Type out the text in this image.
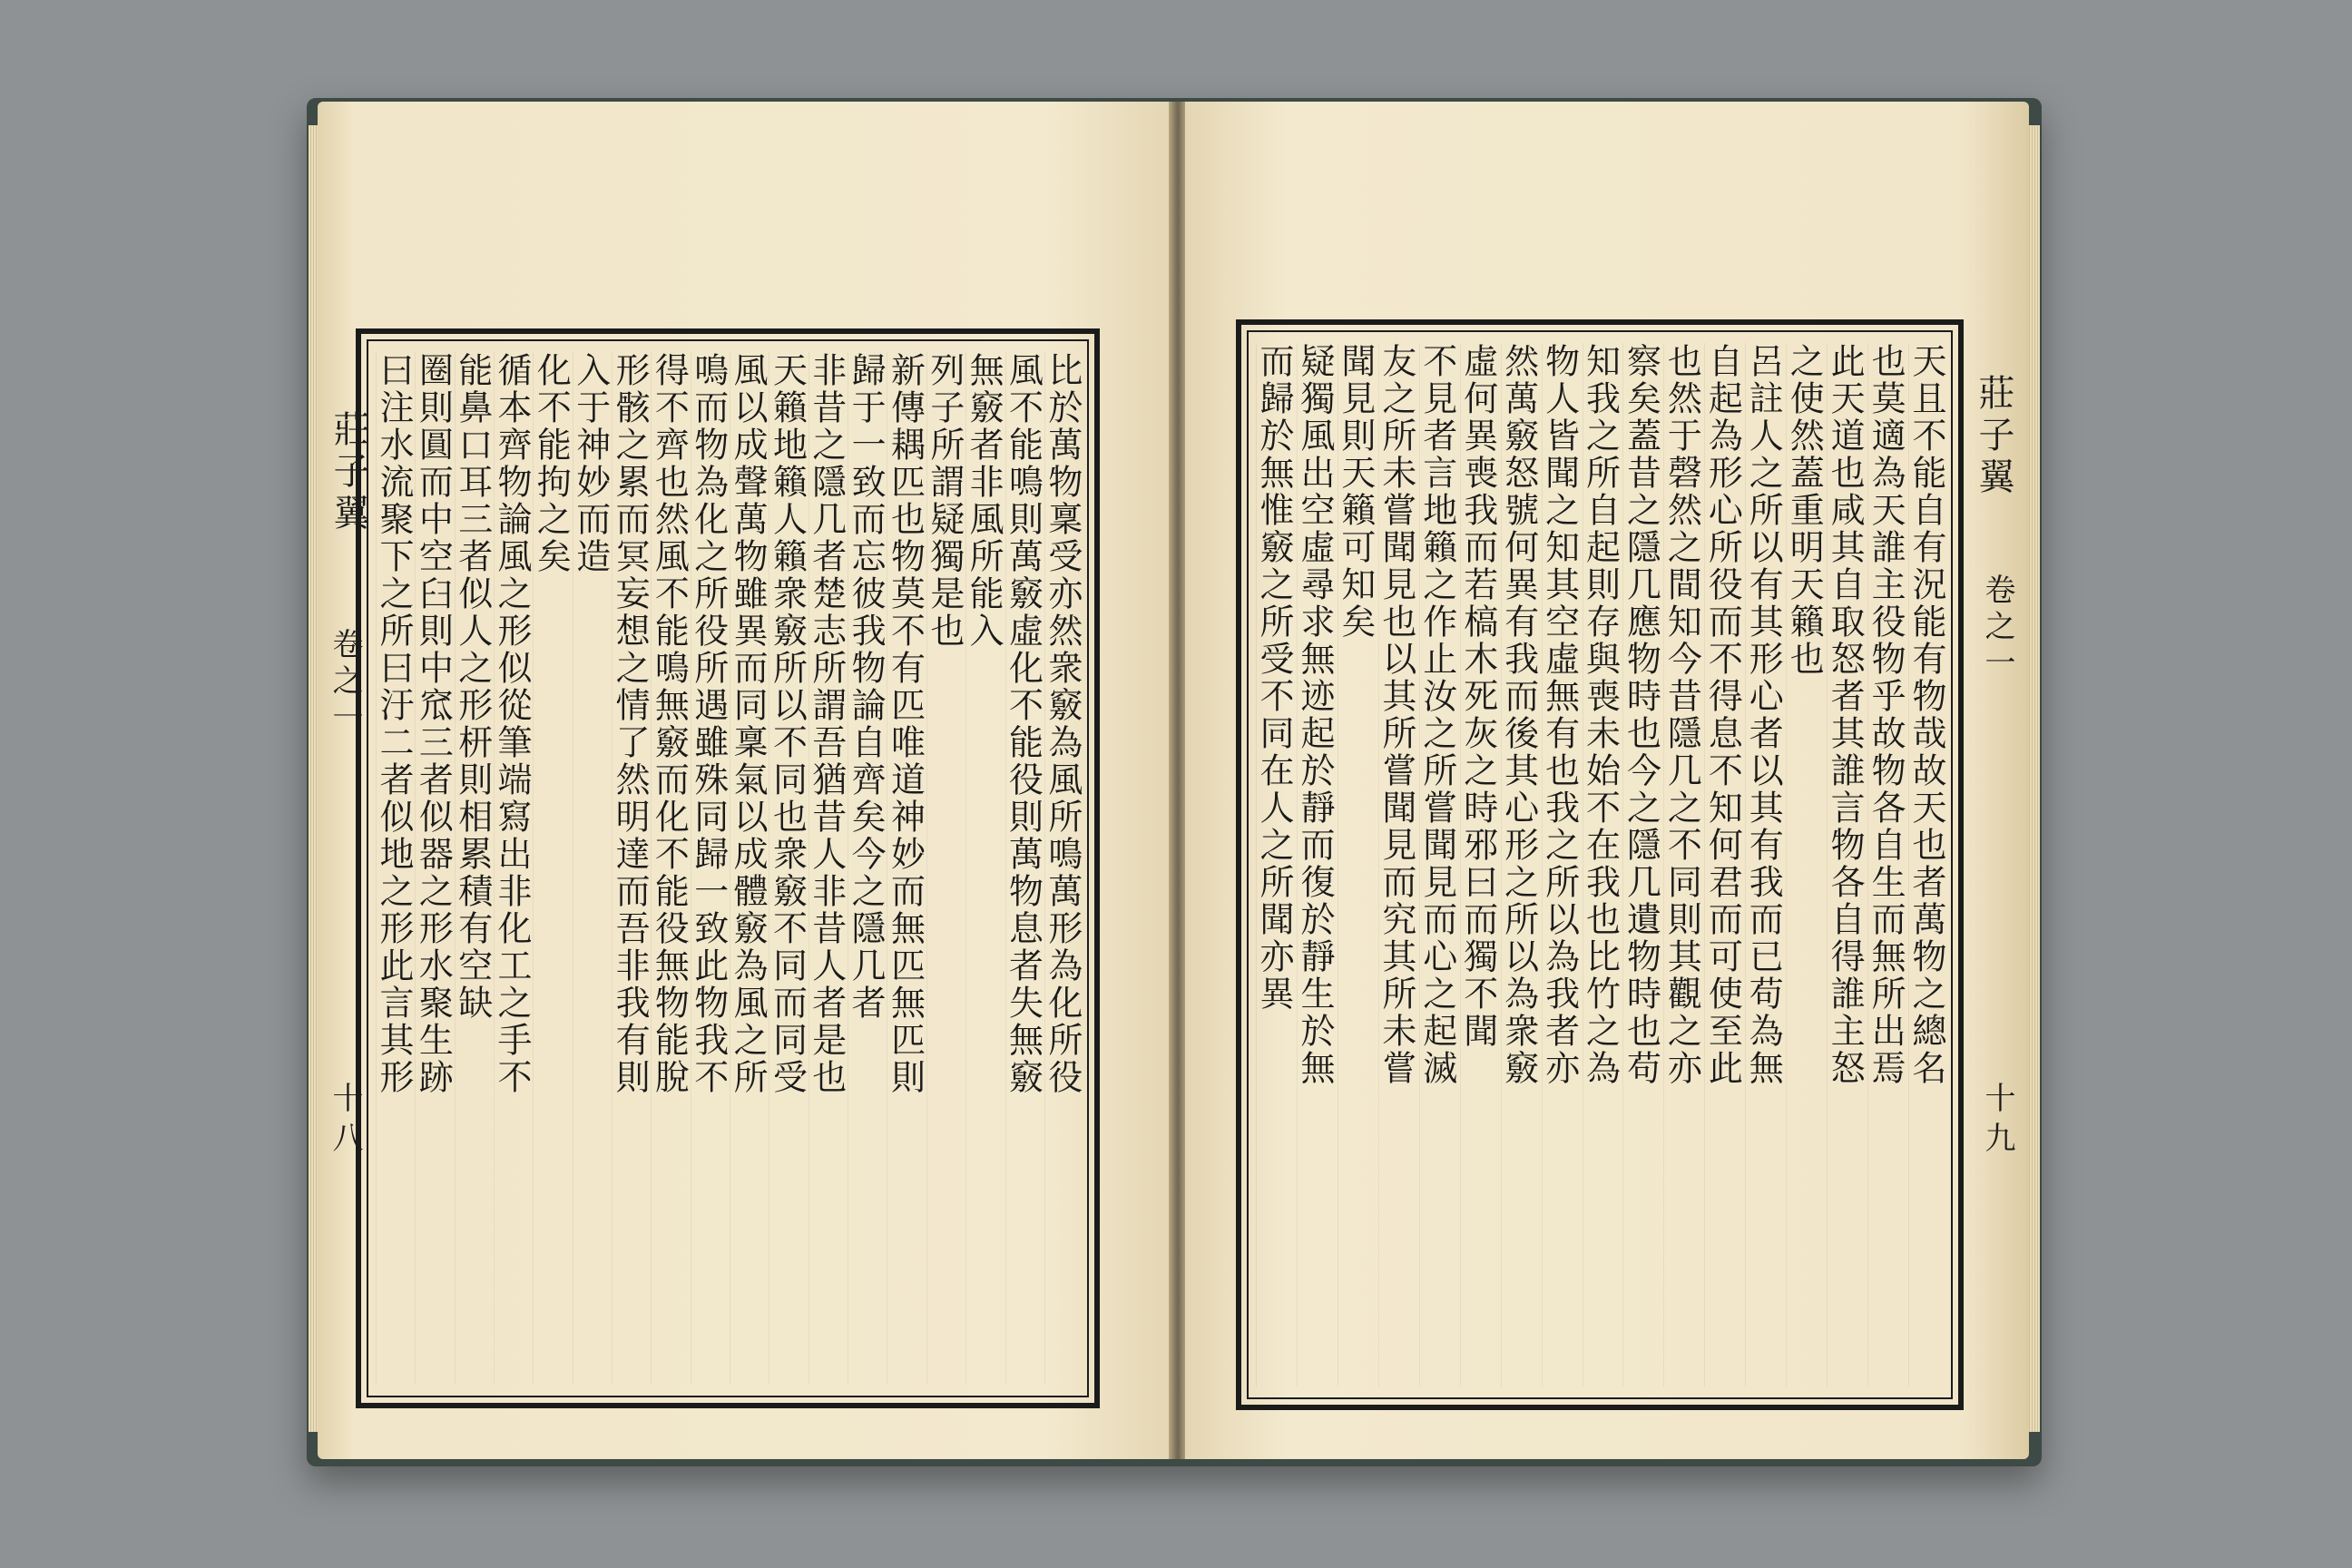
莊子翼
卷之一
十八
比於萬物稟受亦然衆竅為風所鳴萬形為化所役
風不能鳴則萬竅虛化不能役則萬物息者失無竅
無竅者非風所能入
列子所謂疑獨是也
新傳耦匹也物莫不有匹唯道神妙而無匹無匹則
歸于一致而忘彼我物論自齊矣今之隱几者
非昔之隱几者楚志所謂吾猶昔人非昔人者是也
天籟地籟人籟衆竅所以不同也衆竅不同而同受
風以成聲萬物雖異而同稟氣以成體竅為風之所
鳴而物為化之所役所遇雖殊同歸一致此物我不
得不齊也然風不能鳴無竅而化不能役無物能脫
形骸之累而冥妄想之情了然明達而吾非我有則
入于神妙而造
化不能拘之矣
循本齊物論風之形似從筆端寫出非化工之手不
能鼻口耳三者似人之形枅則相累積有空缺
圈則圓而中空臼則中窊三者似器之形水聚生跡
曰注水流聚下之所曰汙二者似地之形此言其形	天且不能自有況能有物哉故天也者萬物之總名
也莫適為天誰主役物乎故物各自生而無所出焉
此天道也咸其自取怒者其誰言物各自得誰主怒
之使然蓋重明天籟也
呂註人之所以有其形心者以其有我而已苟為無
自起為形心所役而不得息不知何君而可使至此
也然于磬然之間知今昔隱几之不同則其觀之亦
察矣蓋昔之隱几應物時也今之隱几遺物時也苟
知我之所自起則存與喪未始不在我也比竹之為
物人皆聞之知其空虛無有也我之所以為我者亦
然萬竅怒號何異有我而後其心形之所以為衆竅
虛何異喪我而若槁木死灰之時邪曰而獨不聞
不見者言地籟之作止汝之所嘗聞見而心之起滅
友之所未嘗聞見也以其所嘗聞見而究其所未嘗
聞見則天籟可知矣
疑獨風出空虛尋求無迹起於靜而復於靜生於無
而歸於無惟竅之所受不同在人之所聞亦異	莊子翼
卷之一
十九
